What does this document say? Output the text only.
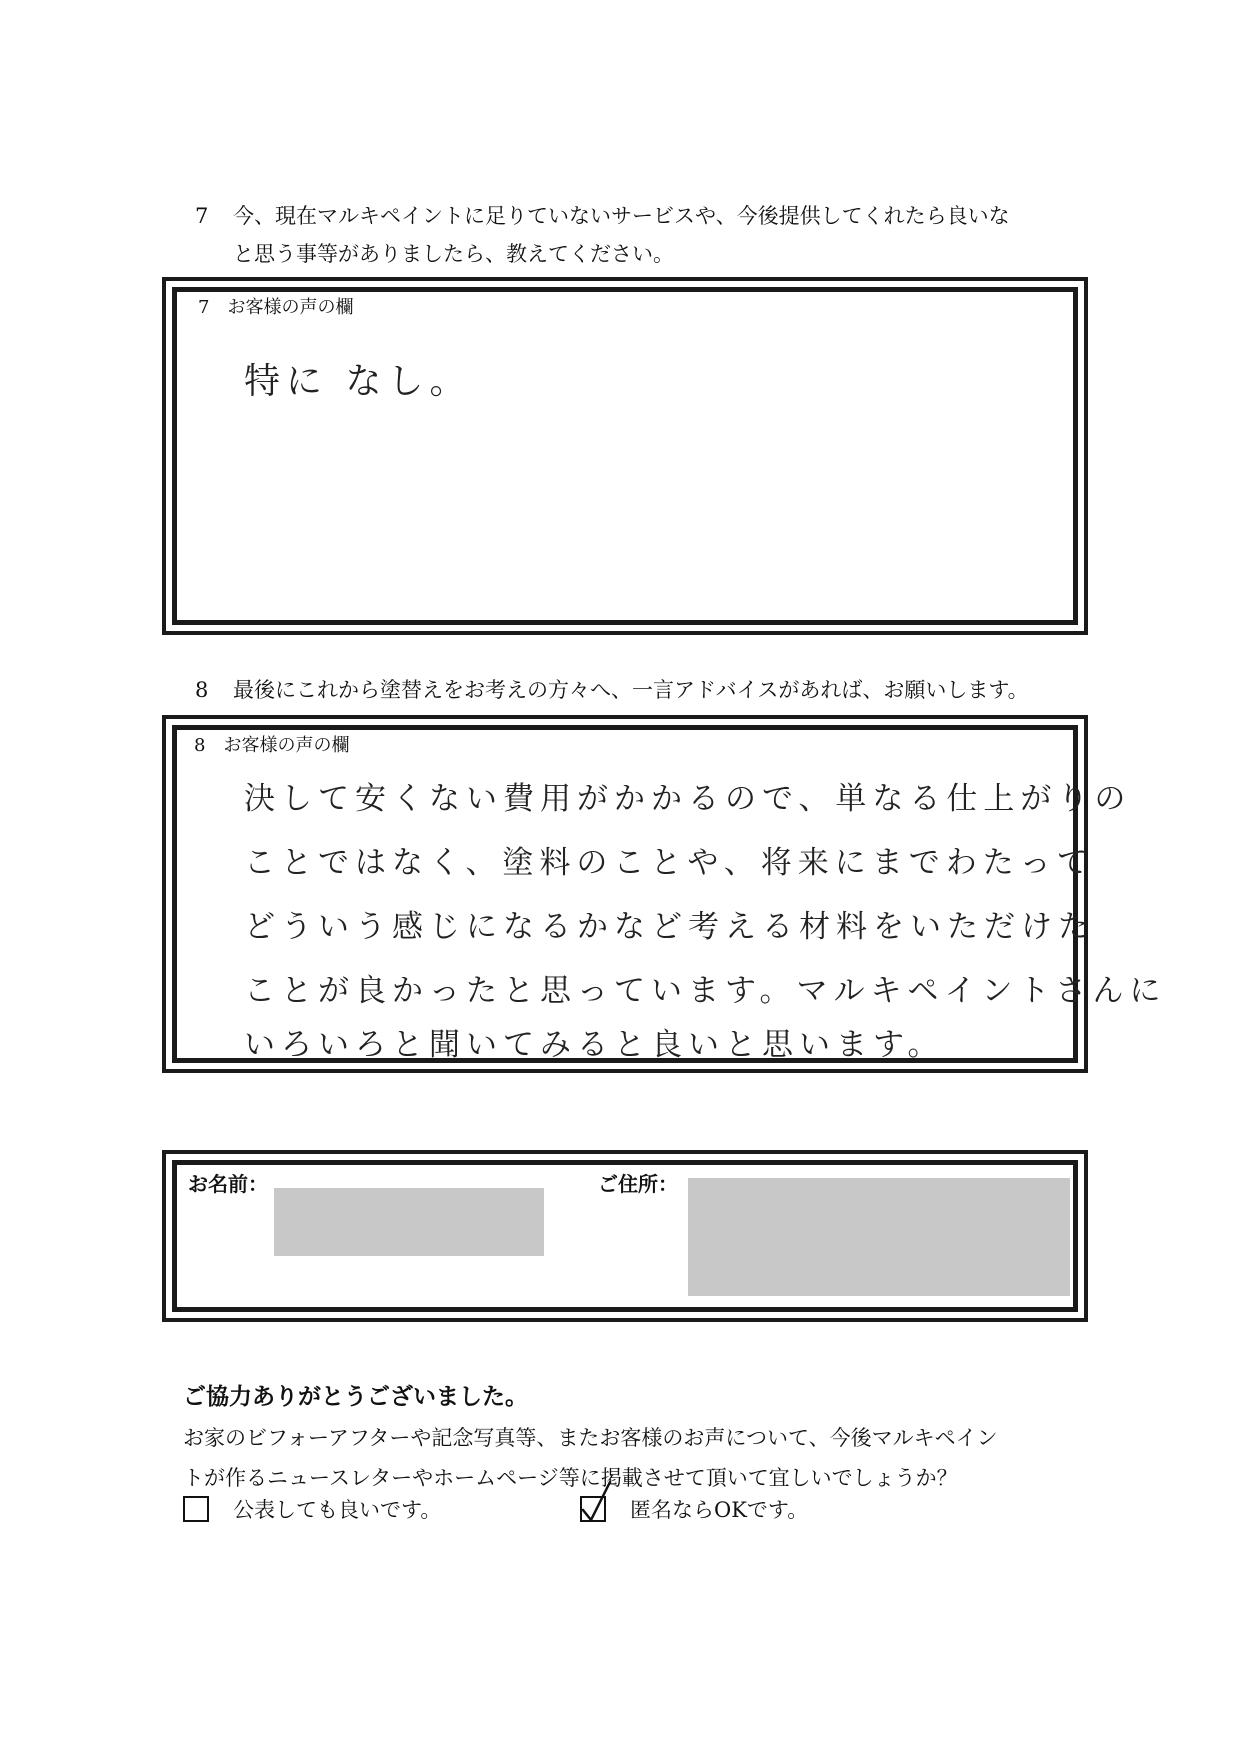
7 今、現在マルキペイントに足りていないサービスや、今後提供してくれたら良いな
と思う事等がありましたら、教えてください。
7　お客様の声の欄
特に なし。
8 最後にこれから塗替えをお考えの方々へ、一言アドバイスがあれば、お願いします。
8　お客様の声の欄
決して安くない費用がかかるので、単なる仕上がりの
ことではなく、塗料のことや、将来にまでわたって
どういう感じになるかなど考える材料をいただけた
ことが良かったと思っています。マルキペイントさんに
いろいろと聞いてみると良いと思います。
お名前：	ご住所：
ご協力ありがとうございました。
お家のビフォーアフターや記念写真等、またお客様のお声について、今後マルキペイン
トが作るニュースレターやホームページ等に掲載させて頂いて宜しいでしょうか？
公表しても良いです。	匿名ならOKです。
